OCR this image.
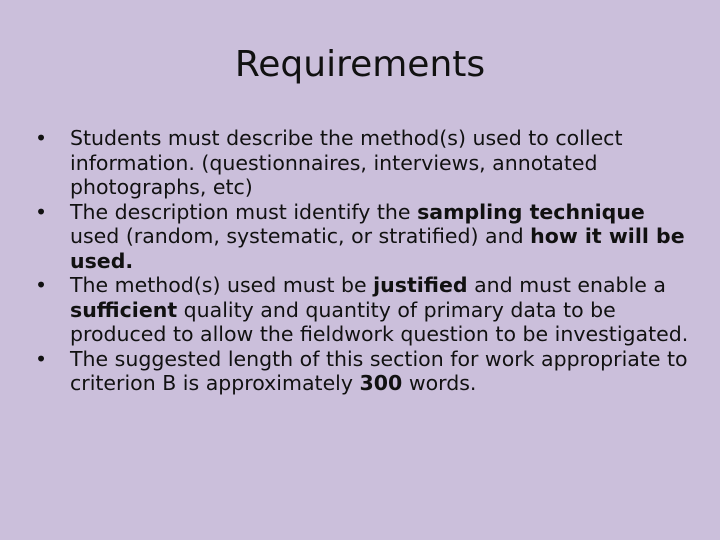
Requirements
• Students must describe the method(s) used to collect information. (questionnaires, interviews, annotated photographs, etc)
• The description must identify the sampling technique used (random, systematic, or stratified) and how it will be used.
• The method(s) used must be justified and must enable a sufficient quality and quantity of primary data to be produced to allow the fieldwork question to be investigated.
• The suggested length of this section for work appropriate to criterion B is approximately 300 words.
